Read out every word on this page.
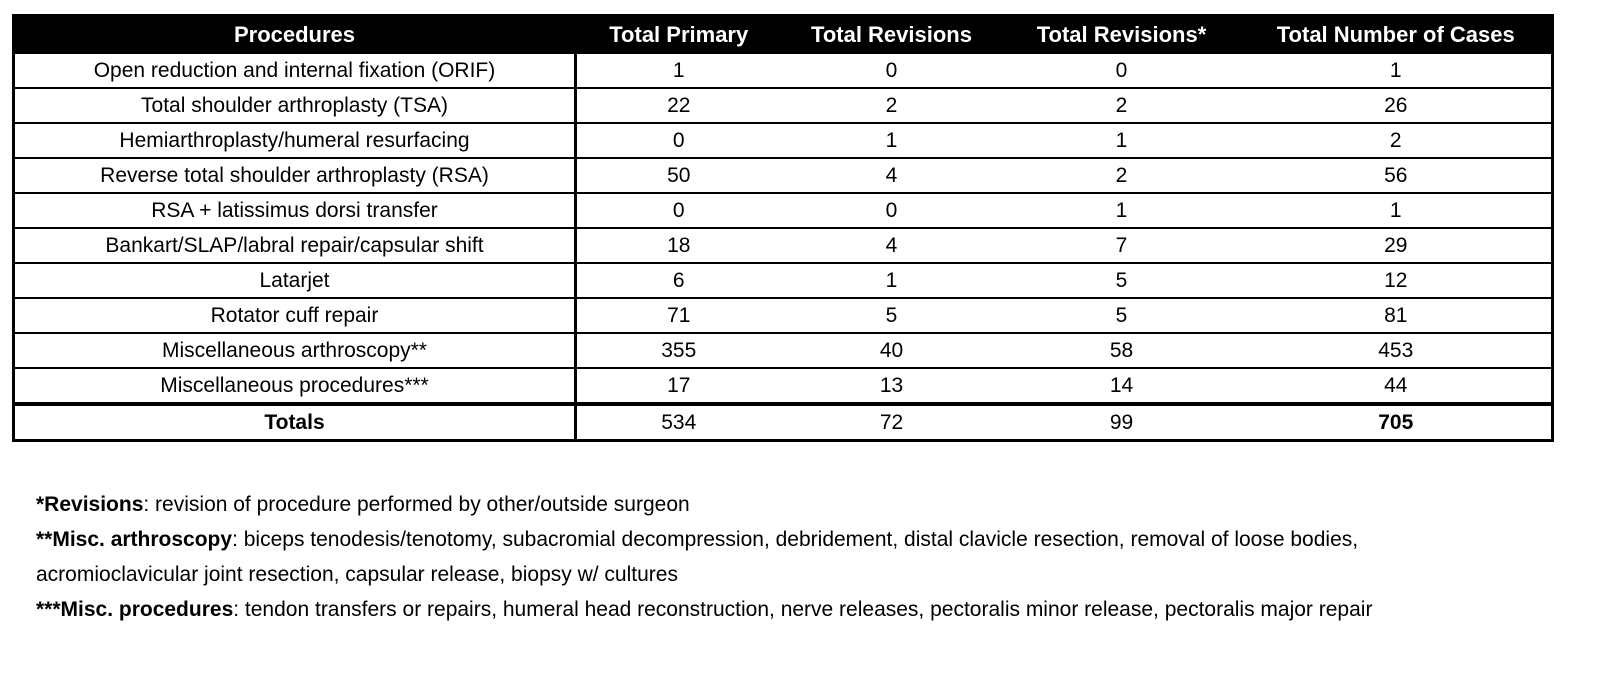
Procedures	Total Primary	Total Revisions	Total Revisions*	Total Number of Cases
Open reduction and internal fixation (ORIF)	1	0	0	1
Total shoulder arthroplasty (TSA)	22	2	2	26
Hemiarthroplasty/humeral resurfacing	0	1	1	2
Reverse total shoulder arthroplasty (RSA)	50	4	2	56
RSA + latissimus dorsi transfer	0	0	1	1
Bankart/SLAP/labral repair/capsular shift	18	4	7	29
Latarjet	6	1	5	12
Rotator cuff repair	71	5	5	81
Miscellaneous arthroscopy**	355	40	58	453
Miscellaneous procedures***	17	13	14	44
Totals	534	72	99	705

*Revisions: revision of procedure performed by other/outside surgeon

**Misc. arthroscopy: biceps tenodesis/tenotomy, subacromial decompression, debridement, distal clavicle resection, removal of loose bodies, acromioclavicular joint resection, capsular release, biopsy w/ cultures

***Misc. procedures: tendon transfers or repairs, humeral head reconstruction, nerve releases, pectoralis minor release, pectoralis major repair
